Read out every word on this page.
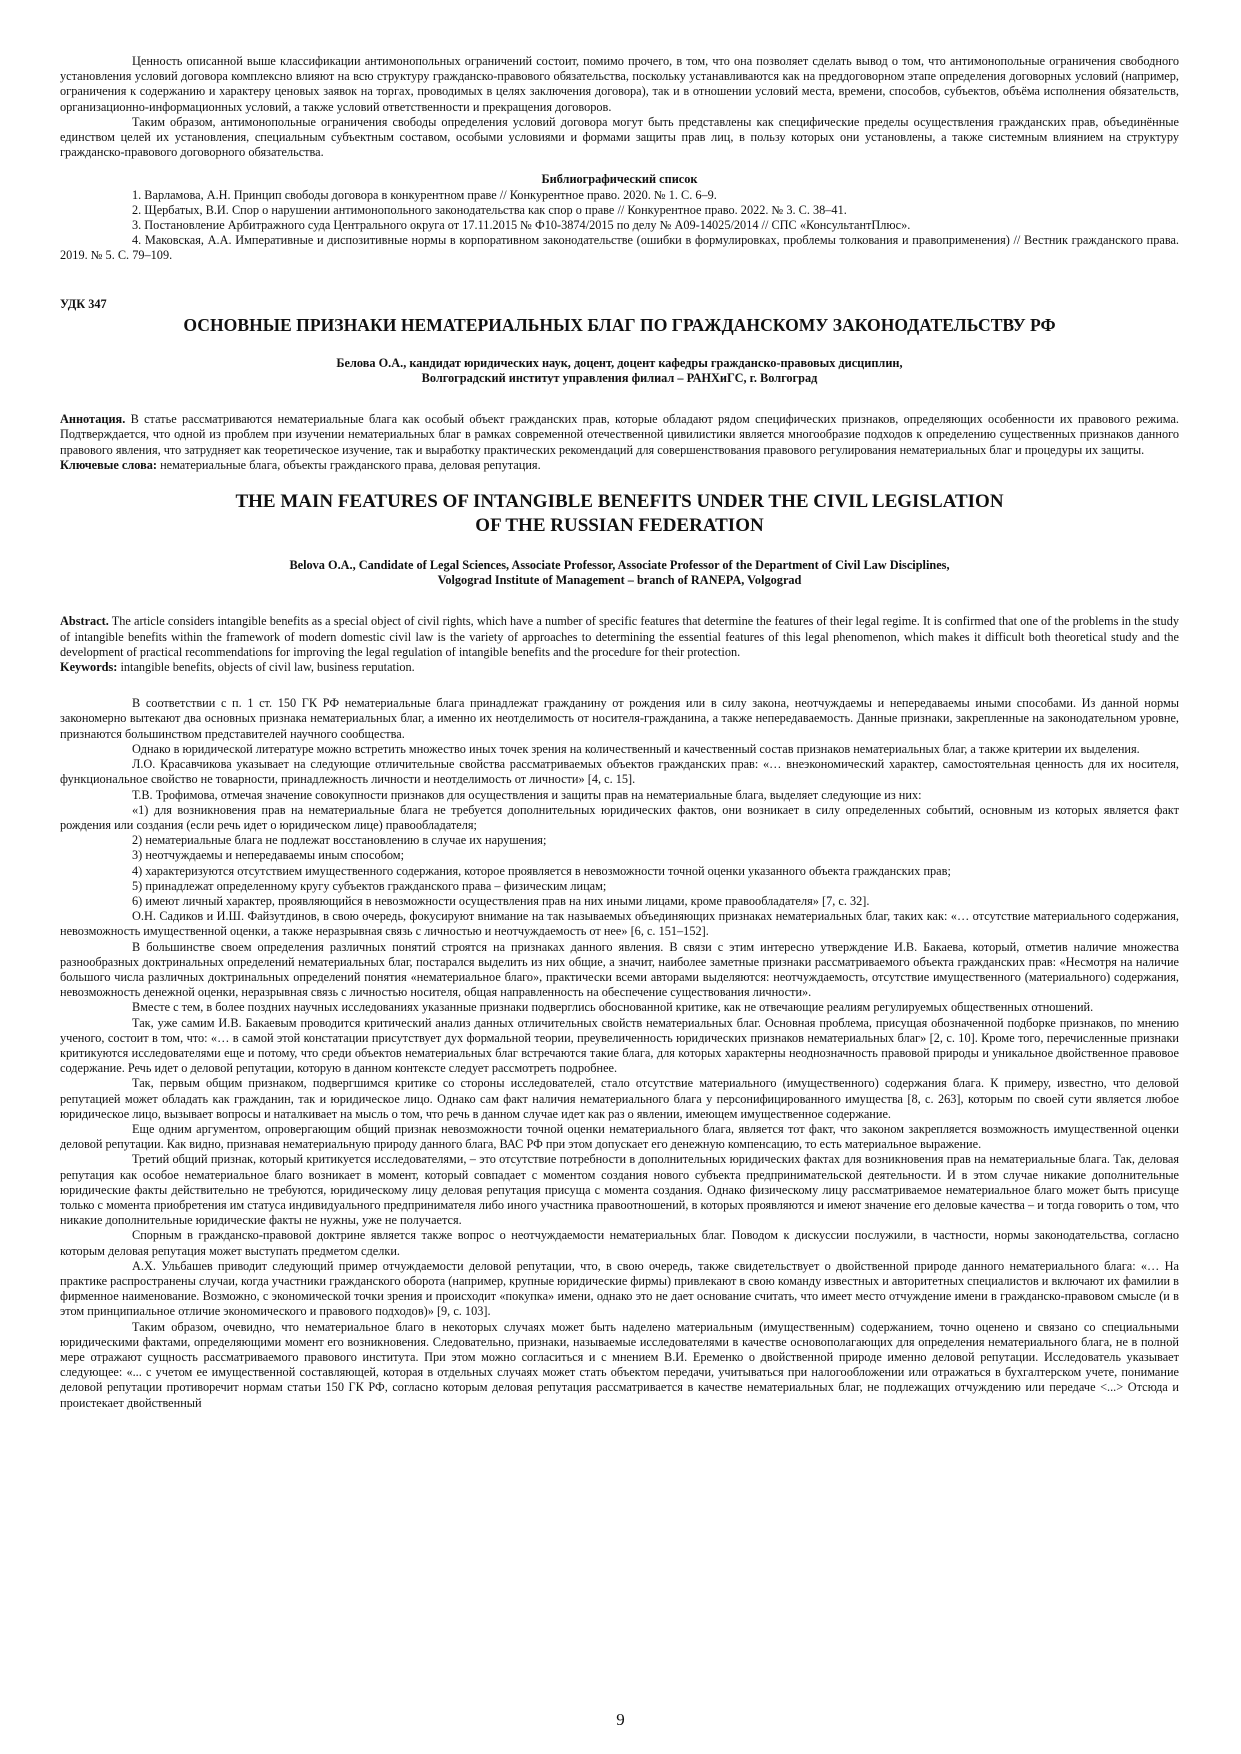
Ценность описанной выше классификации антимонопольных ограничений состоит, помимо прочего, в том, что она позволяет сделать вывод о том, что антимонопольные ограничения свободного установления условий договора комплексно влияют на всю структуру гражданско-правового обязательства, поскольку устанавливаются как на преддоговорном этапе определения договорных условий (например, ограничения к содержанию и характеру ценовых заявок на торгах, проводимых в целях заключения договора), так и в отношении условий места, времени, способов, субъектов, объёма исполнения обязательств, организационно-информационных условий, а также условий ответственности и прекращения договоров.

Таким образом, антимонопольные ограничения свободы определения условий договора могут быть представлены как специфические пределы осуществления гражданских прав, объединённые единством целей их установления, специальным субъектным составом, особыми условиями и формами защиты прав лиц, в пользу которых они установлены, а также системным влиянием на структуру гражданско-правового договорного обязательства.

Библиографический список

1. Варламова, А.Н. Принцип свободы договора в конкурентном праве // Конкурентное право. 2020. № 1. С. 6–9.

2. Щербатых, В.И. Спор о нарушении антимонопольного законодательства как спор о праве // Конкурентное право. 2022. № 3. С. 38–41.

3. Постановление Арбитражного суда Центрального округа от 17.11.2015 № Ф10-3874/2015 по делу № А09-14025/2014 // СПС «КонсультантПлюс».

4. Маковская, А.А. Императивные и диспозитивные нормы в корпоративном законодательстве (ошибки в формулировках, проблемы толкования и правоприменения) // Вестник гражданского права. 2019. № 5. С. 79–109.

УДК 347
ОСНОВНЫЕ ПРИЗНАКИ НЕМАТЕРИАЛЬНЫХ БЛАГ ПО ГРАЖДАНСКОМУ ЗАКОНОДАТЕЛЬСТВУ РФ
Белова О.А., кандидат юридических наук, доцент, доцент кафедры гражданско-правовых дисциплин,
Волгоградский институт управления филиал – РАНХиГС, г. Волгоград

Аннотация. В статье рассматриваются нематериальные блага как особый объект гражданских прав, которые обладают рядом специфических признаков, определяющих особенности их правового режима. Подтверждается, что одной из проблем при изучении нематериальных благ в рамках современной отечественной цивилистики является многообразие подходов к определению существенных признаков данного правового явления, что затрудняет как теоретическое изучение, так и выработку практических рекомендаций для совершенствования правового регулирования нематериальных благ и процедуры их защиты.

Ключевые слова: нематериальные блага, объекты гражданского права, деловая репутация.

THE MAIN FEATURES OF INTANGIBLE BENEFITS UNDER THE CIVIL LEGISLATION
OF THE RUSSIAN FEDERATION
Belova O.A., Candidate of Legal Sciences, Associate Professor, Associate Professor of the Department of Civil Law Disciplines,
Volgograd Institute of Management – branch of RANEPA, Volgograd

Abstract. The article considers intangible benefits as a special object of civil rights, which have a number of specific features that determine the features of their legal regime. It is confirmed that one of the problems in the study of intangible benefits within the framework of modern domestic civil law is the variety of approaches to determining the essential features of this legal phenomenon, which makes it difficult both theoretical study and the development of practical recommendations for improving the legal regulation of intangible benefits and the procedure for their protection.

Keywords: intangible benefits, objects of civil law, business reputation.

В соответствии с п. 1 ст. 150 ГК РФ нематериальные блага принадлежат гражданину от рождения или в силу закона, неотчуждаемы и непередаваемы иными способами. Из данной нормы закономерно вытекают два основных признака нематериальных благ, а именно их неотделимость от носителя-гражданина, а также непередаваемость. Данные признаки, закрепленные на законодательном уровне, признаются большинством представителей научного сообщества.

Однако в юридической литературе можно встретить множество иных точек зрения на количественный и качественный состав признаков нематериальных благ, а также критерии их выделения.

Л.О. Красавчикова указывает на следующие отличительные свойства рассматриваемых объектов гражданских прав: «… внеэкономический характер, самостоятельная ценность для их носителя, функциональное свойство не товарности, принадлежность личности и неотделимость от личности» [4, с. 15].

Т.В. Трофимова, отмечая значение совокупности признаков для осуществления и защиты прав на нематериальные блага, выделяет следующие из них:

«1) для возникновения прав на нематериальные блага не требуется дополнительных юридических фактов, они возникает в силу определенных событий, основным из которых является факт рождения или создания (если речь идет о юридическом лице) правообладателя;

2) нематериальные блага не подлежат восстановлению в случае их нарушения;

3) неотчуждаемы и непередаваемы иным способом;

4) характеризуются отсутствием имущественного содержания, которое проявляется в невозможности точной оценки указанного объекта гражданских прав;

5) принадлежат определенному кругу субъектов гражданского права – физическим лицам;

6) имеют личный характер, проявляющийся в невозможности осуществления прав на них иными лицами, кроме правообладателя» [7, с. 32].

О.Н. Садиков и И.Ш. Файзутдинов, в свою очередь, фокусируют внимание на так называемых объединяющих признаках нематериальных благ, таких как: «… отсутствие материального содержания, невозможность имущественной оценки, а также неразрывная связь с личностью и неотчуждаемость от нее» [6, с. 151–152].

В большинстве своем определения различных понятий строятся на признаках данного явления. В связи с этим интересно утверждение И.В. Бакаева, который, отметив наличие множества разнообразных доктринальных определений нематериальных благ, постарался выделить из них общие, а значит, наиболее заметные признаки рассматриваемого объекта гражданских прав: «Несмотря на наличие большого числа различных доктринальных определений понятия «нематериальное благо», практически всеми авторами выделяются: неотчуждаемость, отсутствие имущественного (материального) содержания, невозможность денежной оценки, неразрывная связь с личностью носителя, общая направленность на обеспечение существования личности».

Вместе с тем, в более поздних научных исследованиях указанные признаки подверглись обоснованной критике, как не отвечающие реалиям регулируемых общественных отношений.

Так, уже самим И.В. Бакаевым проводится критический анализ данных отличительных свойств нематериальных благ. Основная проблема, присущая обозначенной подборке признаков, по мнению ученого, состоит в том, что: «… в самой этой констатации присутствует дух формальной теории, преувеличенность юридических признаков нематериальных благ» [2, с. 10]. Кроме того, перечисленные признаки критикуются исследователями еще и потому, что среди объектов нематериальных благ встречаются такие блага, для которых характерны неоднозначность правовой природы и уникальное двойственное правовое содержание. Речь идет о деловой репутации, которую в данном контексте следует рассмотреть подробнее.

Так, первым общим признаком, подвергшимся критике со стороны исследователей, стало отсутствие материального (имущественного) содержания блага. К примеру, известно, что деловой репутацией может обладать как гражданин, так и юридическое лицо. Однако сам факт наличия нематериального блага у персонифицированного имущества [8, с. 263], которым по своей сути является любое юридическое лицо, вызывает вопросы и наталкивает на мысль о том, что речь в данном случае идет как раз о явлении, имеющем имущественное содержание.

Еще одним аргументом, опровергающим общий признак невозможности точной оценки нематериального блага, является тот факт, что законом закрепляется возможность имущественной оценки деловой репутации. Как видно, признавая нематериальную природу данного блага, ВАС РФ при этом допускает его денежную компенсацию, то есть материальное выражение.

Третий общий признак, который критикуется исследователями, – это отсутствие потребности в дополнительных юридических фактах для возникновения прав на нематериальные блага. Так, деловая репутация как особое нематериальное благо возникает в момент, который совпадает с моментом создания нового субъекта предпринимательской деятельности. И в этом случае никакие дополнительные юридические факты действительно не требуются, юридическому лицу деловая репутация присуща с момента создания. Однако физическому лицу рассматриваемое нематериальное благо может быть присуще только с момента приобретения им статуса индивидуального предпринимателя либо иного участника правоотношений, в которых проявляются и имеют значение его деловые качества – и тогда говорить о том, что никакие дополнительные юридические факты не нужны, уже не получается.

Спорным в гражданско-правовой доктрине является также вопрос о неотчуждаемости нематериальных благ. Поводом к дискуссии послужили, в частности, нормы законодательства, согласно которым деловая репутация может выступать предметом сделки.

А.Х. Ульбашев приводит следующий пример отчуждаемости деловой репутации, что, в свою очередь, также свидетельствует о двойственной природе данного нематериального блага: «… На практике распространены случаи, когда участники гражданского оборота (например, крупные юридические фирмы) привлекают в свою команду известных и авторитетных специалистов и включают их фамилии в фирменное наименование. Возможно, с экономической точки зрения и происходит «покупка» имени, однако это не дает основание считать, что имеет место отчуждение имени в гражданско-правовом смысле (и в этом принципиальное отличие экономического и правового подходов)» [9, с. 103].

Таким образом, очевидно, что нематериальное благо в некоторых случаях может быть наделено материальным (имущественным) содержанием, точно оценено и связано со специальными юридическими фактами, определяющими момент его возникновения. Следовательно, признаки, называемые исследователями в качестве основополагающих для определения нематериального блага, не в полной мере отражают сущность рассматриваемого правового института. При этом можно согласиться и с мнением В.И. Еременко о двойственной природе именно деловой репутации. Исследователь указывает следующее: «... с учетом ее имущественной составляющей, которая в отдельных случаях может стать объектом передачи, учитываться при налогообложении или отражаться в бухгалтерском учете, понимание деловой репутации противоречит нормам статьи 150 ГК РФ, согласно которым деловая репутация рассматривается в качестве нематериальных благ, не подлежащих отчуждению или передаче <...> Отсюда и проистекает двойственный

9
